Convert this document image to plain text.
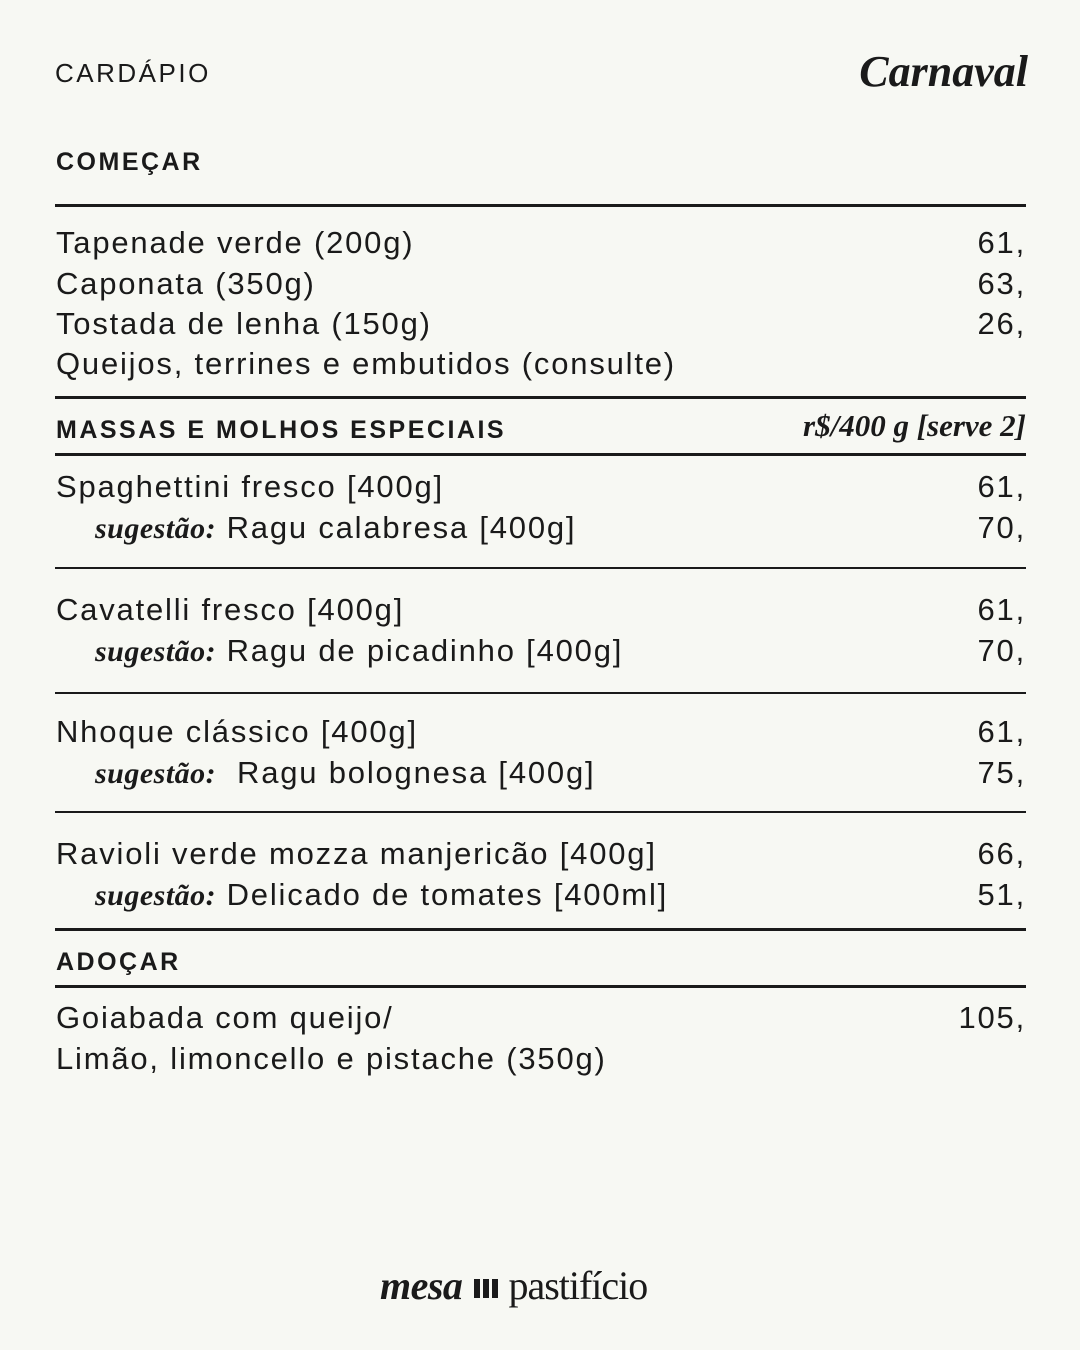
CARDÁPIO	Carnaval
COMEÇAR
Tapenade verde (200g)	61,
Caponata (350g)	63,
Tostada de lenha (150g)	26,
Queijos, terrines e embutidos (consulte)
MASSAS E MOLHOS ESPECIAIS	r$/400 g [serve 2]
Spaghettini fresco [400g]	61,
sugestão: Ragu calabresa [400g]	70,
Cavatelli fresco [400g]	61,
sugestão: Ragu de picadinho [400g]	70,
Nhoque clássico [400g]	61,
sugestão: Ragu bolognesa [400g]	75,
Ravioli verde mozza manjericão [400g]	66,
sugestão: Delicado de tomates [400ml]	51,
ADOÇAR
Goiabada com queijo/	105,
Limão, limoncello e pistache (350g)
mesa pastifício
